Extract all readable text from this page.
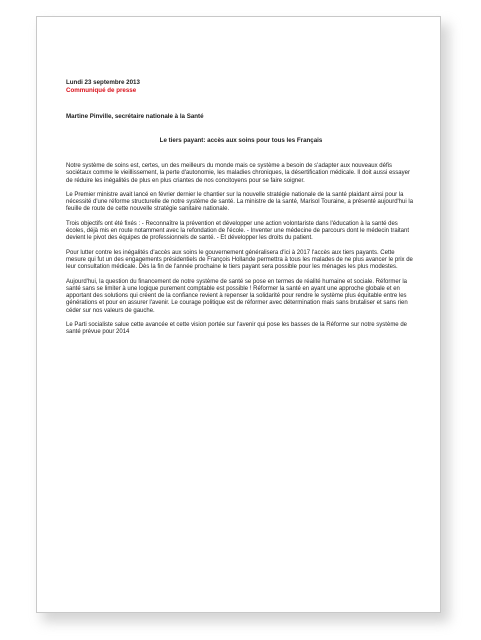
Lundi 23 septembre 2013

Communiqué de presse

Martine Pinville, secrétaire nationale à la Santé

Le tiers payant: accès aux soins pour tous les Français

Notre système de soins est, certes, un des meilleurs du monde mais ce système a besoin de s'adapter aux nouveaux défis sociétaux comme le vieillissement, la perte d'autonomie, les maladies chroniques, la désertification médicale. Il doit aussi essayer de réduire les inégalités de plus en plus criantes de nos concitoyens pour se faire soigner.

Le Premier ministre avait lancé en février dernier le chantier sur la nouvelle stratégie nationale de la santé plaidant ainsi pour la nécessité d'une réforme structurelle de notre système de santé. La ministre de la santé, Marisol Touraine, a présenté aujourd'hui la feuille de route de cette nouvelle stratégie sanitaire nationale.

Trois objectifs ont été fixés : - Reconnaître la prévention et développer une action volontariste dans l'éducation à la santé des écoles, déjà mis en route notamment avec la refondation de l'école. - Inventer une médecine de parcours dont le médecin traitant devient le pivot des équipes de professionnels de santé. - Et développer les droits du patient.

Pour lutter contre les inégalités d'accès aux soins le gouvernement généralisera d'ici à 2017 l'accès aux tiers payants. Cette mesure qui fut un des engagements présidentiels de François Hollande permettra à tous les malades de ne plus avancer le prix de leur consultation médicale. Dès la fin de l'année prochaine le tiers payant sera possible pour les ménages les plus modestes.

Aujourd'hui, la question du financement de notre système de santé se pose en termes de réalité humaine et sociale. Réformer la santé sans se limiter à une logique purement comptable est possible ! Réformer la santé en ayant une approche globale et en apportant des solutions qui créent de la confiance revient à repenser la solidarité pour rendre le système plus équitable entre les générations et pour en assurer l'avenir. Le courage politique est de réformer avec détermination mais sans brutaliser et sans rien céder sur nos valeurs de gauche.

Le Parti socialiste salue cette avancée et cette vision portée sur l'avenir qui pose les basses de la Réforme sur notre système de santé prévue pour 2014
